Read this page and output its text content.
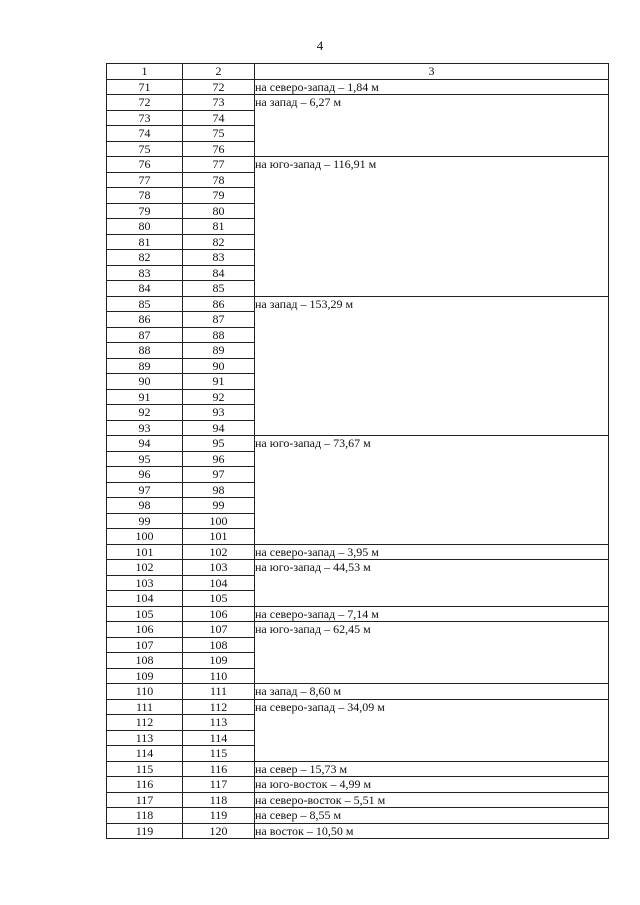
4
1	2	3
71	72	на северо-запад – 1,84 м
72	73	на запад – 6,27 м
73	74	
74	75	
75	76	
76	77	на юго-запад – 116,91 м
77	78	
78	79	
79	80	
80	81	
81	82	
82	83	
83	84	
84	85	
85	86	на запад – 153,29 м
86	87	
87	88	
88	89	
89	90	
90	91	
91	92	
92	93	
93	94	
94	95	на юго-запад – 73,67 м
95	96	
96	97	
97	98	
98	99	
99	100	
100	101	
101	102	на северо-запад – 3,95 м
102	103	на юго-запад – 44,53 м
103	104	
104	105	
105	106	на северо-запад – 7,14 м
106	107	на юго-запад – 62,45 м
107	108	
108	109	
109	110	
110	111	на запад – 8,60 м
111	112	на северо-запад – 34,09 м
112	113	
113	114	
114	115	
115	116	на север – 15,73 м
116	117	на юго-восток – 4,99 м
117	118	на северо-восток – 5,51 м
118	119	на север – 8,55 м
119	120	на восток – 10,50 м
